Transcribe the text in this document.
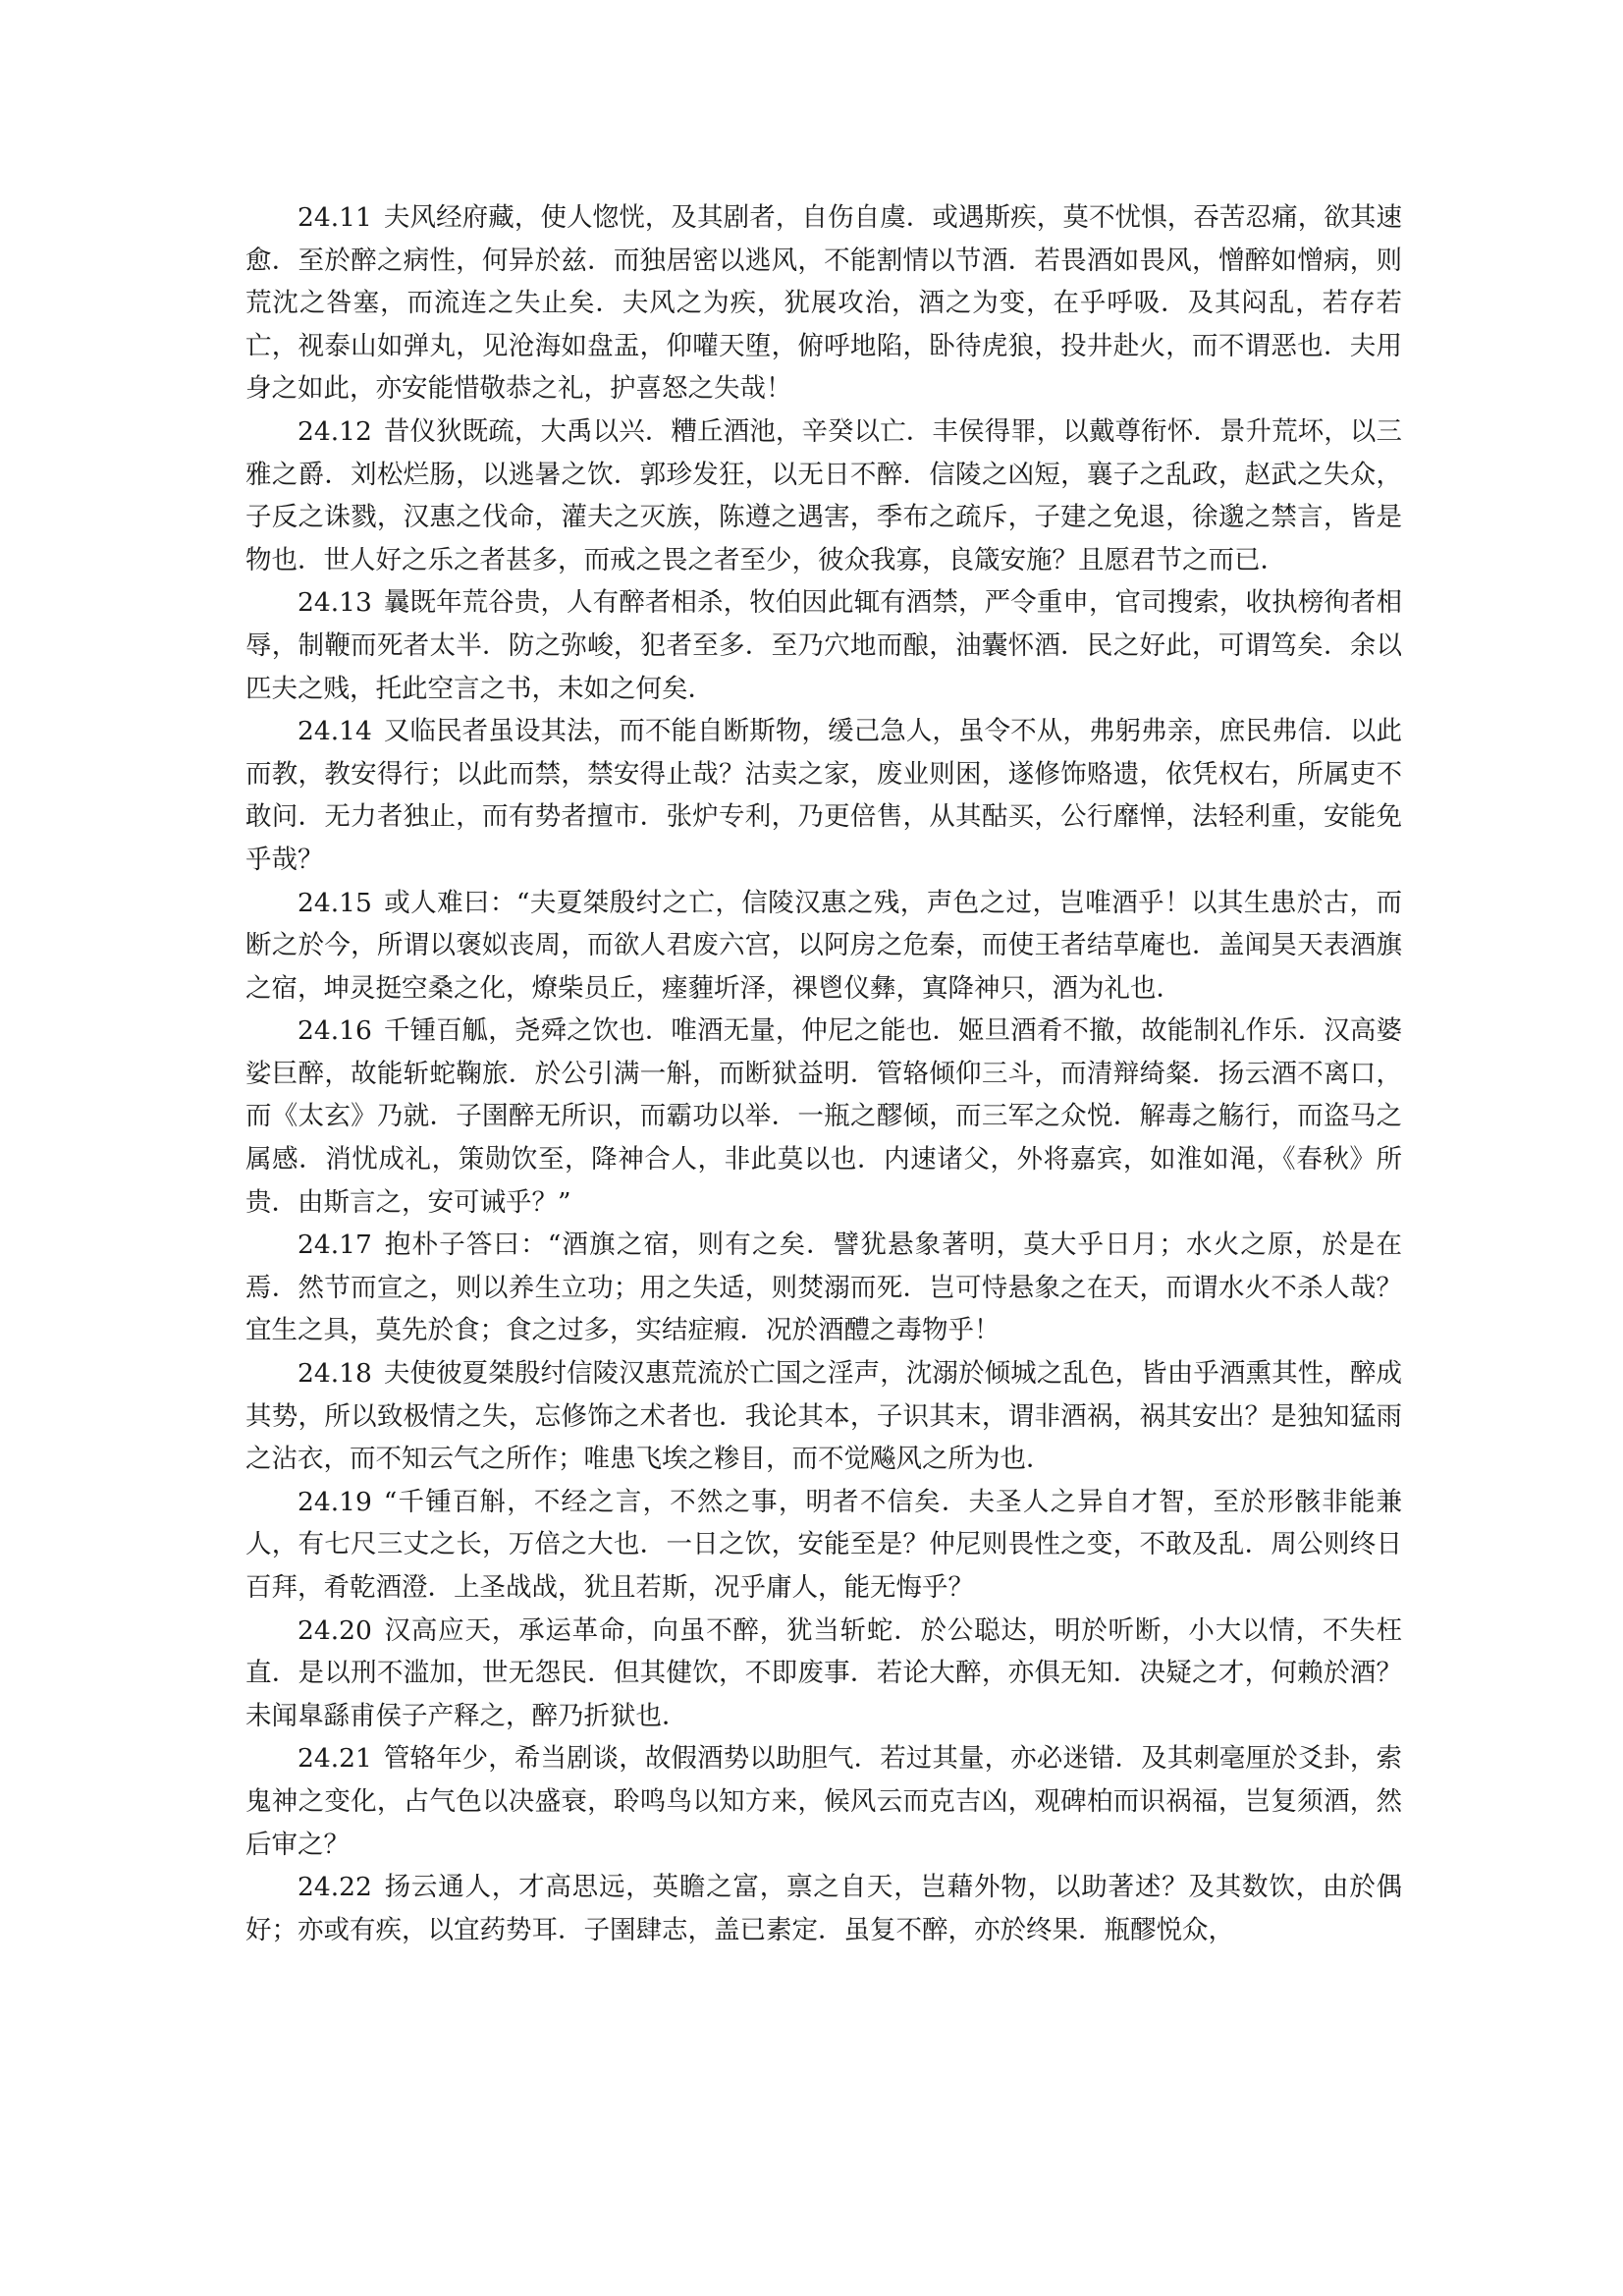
24.11 夫风经府藏，使人惚恍，及其剧者，自伤自虞．或遇斯疾，莫不忧惧，吞苦忍痛，欲其速愈．至於醉之病性，何异於兹．而独居密以逃风，不能割情以节酒．若畏酒如畏风，憎醉如憎病，则荒沈之咎塞，而流连之失止矣．夫风之为疾，犹展攻治，酒之为变，在乎呼吸．及其闷乱，若存若亡，视泰山如弹丸，见沧海如盘盂，仰嚾天堕，俯呼地陷，卧待虎狼，投井赴火，而不谓恶也．夫用身之如此，亦安能惜敬恭之礼，护喜怒之失哉！

24.12 昔仪狄既疏，大禹以兴．糟丘酒池，辛癸以亡．丰侯得罪，以戴尊衔怀．景升荒坏，以三雅之爵．刘松烂肠，以逃暑之饮．郭珍发狂，以无日不醉．信陵之凶短，襄子之乱政，赵武之失众，子反之诛戮，汉惠之伐命，灌夫之灭族，陈遵之遇害，季布之疏斥，子建之免退，徐邈之禁言，皆是物也．世人好之乐之者甚多，而戒之畏之者至少，彼众我寡，良箴安施？且愿君节之而已．

24.13 曩既年荒谷贵，人有醉者相杀，牧伯因此辄有酒禁，严令重申，官司搜索，收执榜徇者相辱，制鞭而死者太半．防之弥峻，犯者至多．至乃穴地而酿，油囊怀酒．民之好此，可谓笃矣．余以匹夫之贱，托此空言之书，未如之何矣．

24.14 又临民者虽设其法，而不能自断斯物，缓己急人，虽令不从，弗躬弗亲，庶民弗信．以此而教，教安得行；以此而禁，禁安得止哉？沽卖之家，废业则困，遂修饰赂遗，依凭权右，所属吏不敢问．无力者独止，而有势者擅市．张炉专利，乃更倍售，从其酤买，公行靡惮，法轻利重，安能免乎哉？

24.15 或人难曰：“夫夏桀殷纣之亡，信陵汉惠之残，声色之过，岂唯酒乎！以其生患於古，而断之於今，所谓以褒姒丧周，而欲人君废六宫，以阿房之危秦，而使王者结草庵也．盖闻昊天表酒旗之宿，坤灵挺空桑之化，燎柴员丘，瘗薶圻泽，祼鬯仪彝，寘降神只，酒为礼也．

24.16 千锺百觚，尧舜之饮也．唯酒无量，仲尼之能也．姬旦酒肴不撤，故能制礼作乐．汉高婆娑巨醉，故能斩蛇鞠旅．於公引满一斛，而断狱益明．管辂倾仰三斗，而清辩绮粲．扬云酒不离口，而《太玄》乃就．子圉醉无所识，而霸功以举．一瓶之醪倾，而三军之众悦．解毒之觞行，而盗马之属感．消忧成礼，策勋饮至，降神合人，非此莫以也．内速诸父，外将嘉宾，如淮如渑，《春秋》所贵．由斯言之，安可诫乎？”

24.17 抱朴子答曰：“酒旗之宿，则有之矣．譬犹悬象著明，莫大乎日月；水火之原，於是在焉．然节而宣之，则以养生立功；用之失适，则焚溺而死．岂可恃悬象之在天，而谓水火不杀人哉？宜生之具，莫先於食；食之过多，实结症瘕．况於酒醴之毒物乎！

24.18 夫使彼夏桀殷纣信陵汉惠荒流於亡国之淫声，沈溺於倾城之乱色，皆由乎酒熏其性，醉成其势，所以致极情之失，忘修饰之术者也．我论其本，子识其末，谓非酒祸，祸其安出？是独知猛雨之沾衣，而不知云气之所作；唯患飞埃之糁目，而不觉飚风之所为也．

24.19 “千锺百斛，不经之言，不然之事，明者不信矣．夫圣人之异自才智，至於形骸非能兼人，有七尺三丈之长，万倍之大也．一日之饮，安能至是？仲尼则畏性之变，不敢及乱．周公则终日百拜，肴乾酒澄．上圣战战，犹且若斯，况乎庸人，能无悔乎？

24.20 汉高应天，承运革命，向虽不醉，犹当斩蛇．於公聪达，明於听断，小大以情，不失枉直．是以刑不滥加，世无怨民．但其健饮，不即废事．若论大醉，亦俱无知．决疑之才，何赖於酒？未闻臯繇甫侯子产释之，醉乃折狱也．

24.21 管辂年少，希当剧谈，故假酒势以助胆气．若过其量，亦必迷错．及其刺毫厘於爻卦，索鬼神之变化，占气色以决盛衰，聆鸣鸟以知方来，候风云而克吉凶，观碑柏而识祸福，岂复须酒，然后审之？

24.22 扬云通人，才高思远，英瞻之富，禀之自天，岂藉外物，以助著述？及其数饮，由於偶好；亦或有疾，以宜药势耳．子圉肆志，盖已素定．虽复不醉，亦於终果．瓶醪悦众，
